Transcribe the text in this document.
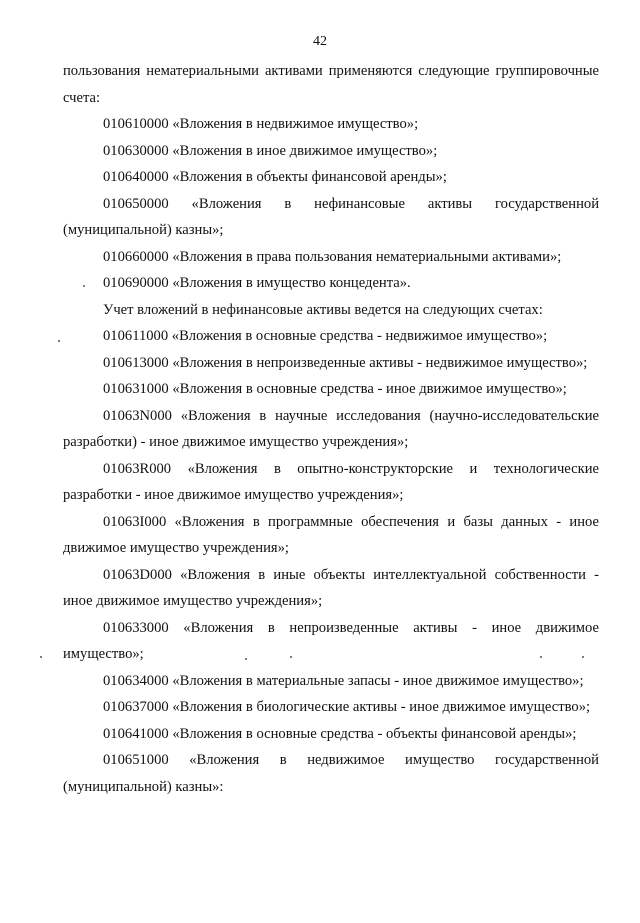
42

пользования нематериальными активами применяются следующие группировочные счета:

010610000 «Вложения в недвижимое имущество»;

010630000 «Вложения в иное движимое имущество»;

010640000 «Вложения в объекты финансовой аренды»;

010650000 «Вложения в нефинансовые активы государственной (муниципальной) казны»;

010660000 «Вложения в права пользования нематериальными активами»;

010690000 «Вложения в имущество концедента».

Учет вложений в нефинансовые активы ведется на следующих счетах:

010611000 «Вложения в основные средства - недвижимое имущество»;

010613000 «Вложения в непроизведенные активы - недвижимое имущество»;

010631000 «Вложения в основные средства - иное движимое имущество»;

01063N000 «Вложения в научные исследования (научно-исследовательские разработки) - иное движимое имущество учреждения»;

01063R000 «Вложения в опытно-конструкторские и технологические разработки - иное движимое имущество учреждения»;

01063I000 «Вложения в программные обеспечения и базы данных - иное движимое имущество учреждения»;

01063D000 «Вложения в иные объекты интеллектуальной собственности - иное движимое имущество учреждения»;

010633000 «Вложения в непроизведенные активы - иное движимое имущество»;

010634000 «Вложения в материальные запасы - иное движимое имущество»;

010637000 «Вложения в биологические активы - иное движимое имущество»;

010641000 «Вложения в основные средства - объекты финансовой аренды»;

010651000 «Вложения в недвижимое имущество государственной (муниципальной) казны»:
